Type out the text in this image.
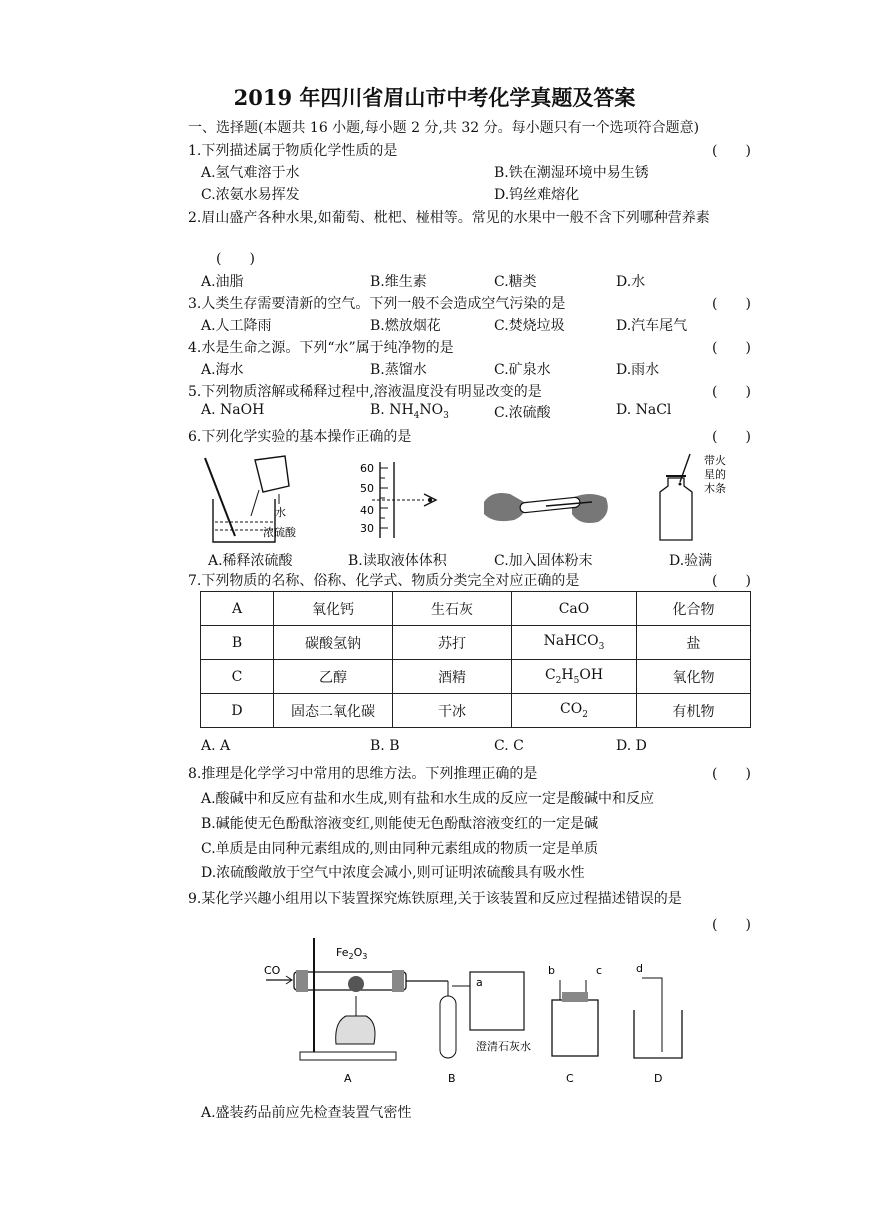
2019 年四川省眉山市中考化学真题及答案
一、选择题(本题共 16 小题,每小题 2 分,共 32 分。每小题只有一个选项符合题意)
1.下列描述属于物质化学性质的是	(　　)
A.氢气难溶于水	B.铁在潮湿环境中易生锈
C.浓氨水易挥发	D.钨丝难熔化
2.眉山盛产各种水果,如葡萄、枇杷、椪柑等。常见的水果中一般不含下列哪种营养素
(　　)
A.油脂	B.维生素	C.糖类	D.水
3.人类生存需要清新的空气。下列一般不会造成空气污染的是	(　　)
A.人工降雨	B.燃放烟花	C.焚烧垃圾	D.汽车尾气
4.水是生命之源。下列“水”属于纯净物的是	(　　)
A.海水	B.蒸馏水	C.矿泉水	D.雨水
5.下列物质溶解或稀释过程中,溶液温度没有明显改变的是	(　　)
A. NaOH	B. $NH_4NO_3$	C.浓硫酸	D. NaCl
6.下列化学实验的基本操作正确的是	(　　)
水
浓硫酸
60
50
40
30
带火
星的
木条
A.稀释浓硫酸	B.读取液体体积	C.加入固体粉末	D.验满
7.下列物质的名称、俗称、化学式、物质分类完全对应正确的是	(　　)
A	氧化钙	生石灰	CaO	化合物
B	碳酸氢钠	苏打	NaHCO$_3$	盐
C	乙醇	酒精	$C_2H_5OH$	氧化物
D	固态二氧化碳	干冰	$CO_2$	有机物
A. A	B. B	C. C	D. D
8.推理是化学学习中常用的思维方法。下列推理正确的是	(　　)
A.酸碱中和反应有盐和水生成,则有盐和水生成的反应一定是酸碱中和反应
B.碱能使无色酚酞溶液变红,则能使无色酚酞溶液变红的一定是碱
C.单质是由同种元素组成的,则由同种元素组成的物质一定是单质
D.浓硫酸敞放于空气中浓度会减小,则可证明浓硫酸具有吸水性
9.某化学兴趣小组用以下装置探究炼铁原理,关于该装置和反应过程描述错误的是
(　　)
CO
$Fe_2O_3$
A
a
澄清石灰水
B
b	c
C
d
D
A.盛装药品前应先检查装置气密性
